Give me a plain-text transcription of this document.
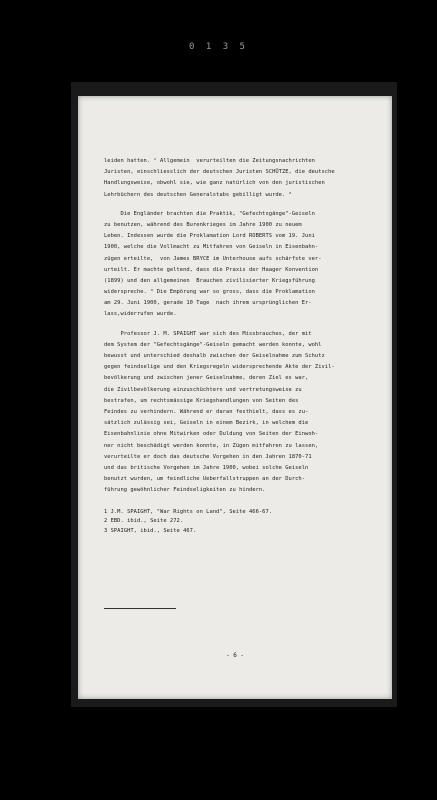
0 1 3 5
leiden hatten. ¹ Allgemein  verurteilten die Zeitungsnachrichten
Juristen, einschliesslich der deutschen Juristen SCHÜTZE, die deutsche
Handlungsweise, obwohl sie, wie ganz natürlich von den juristischen
Lehrbüchern des deutschen Generalstabs gebilligt wurde. ²
Die Engländer brachten die Praktik, "Gefechtsgänge"-Geiseln
zu benutzen, während des Burenkrieges im Jahre 1900 zu neuem
Leben. Indessen wurde die Proklamation Lord ROBERTS vom 19. Juni
1900, welche die Vollmacht zu Mitfahren von Geiseln in Eisenbahn-
zügen erteilte,  von James BRYCE im Unterhouse aufs schärfste ver-
urteilt. Er machte geltend, dass die Praxis der Haager Konvention
(1899) und den allgemeinen  Brauchen zivilisierter Kriegsführung
widerspreche. ³ Die Empörung war so gross, dass die Proklamation
am 29. Juni 1900, gerade 10 Tage  nach ihrem ursprünglichen Er-
lass,widerrufen wurde.
Professor J. M. SPAIGHT war sich des Missbrauches, der mit
dem System der "Gefechtsgänge"-Geiseln gemacht werden konnte, wohl
bewusst und unterschied deshalb zwischen der Geiselnahme zum Schutz
gegen feindselige und den Kriegsregeln widersprechende Akte der Zivil-
bevölkerung und zwischen jener Geiselnahme, deren Ziel es war,
die Zivilbevölkerung einzuschüchtern und vertretungsweise zu
bestrafen, um rechtsmässige Kriegshandlungen von Seiten des
Feindes zu verhindern. Während er daran festhielt, dass es zu-
sätzlich zulässig sei, Geiseln in einem Bezirk, in welchem die
Eisenbahnlinie ohne Mitwirken oder Duldung von Seiten der Einwoh-
ner nicht beschädigt werden konnte, in Zügen mitfahren zu lassen,
verurteilte er doch das deutsche Vorgehen in den Jahren 1870-71
und das britische Vorgehen im Jahre 1900, wobei solche Geiseln
benutzt wurden, um feindliche Ueberfallstruppen an der Durch-
führung gewöhnlicher Feindseligkeiten zu hindern.
1 J.M. SPAIGHT, "War Rights on Land", Seite 466-67.
2 EBD. ibid., Seite 272.
3 SPAIGHT, ibid., Seite 467.
- 6 -
